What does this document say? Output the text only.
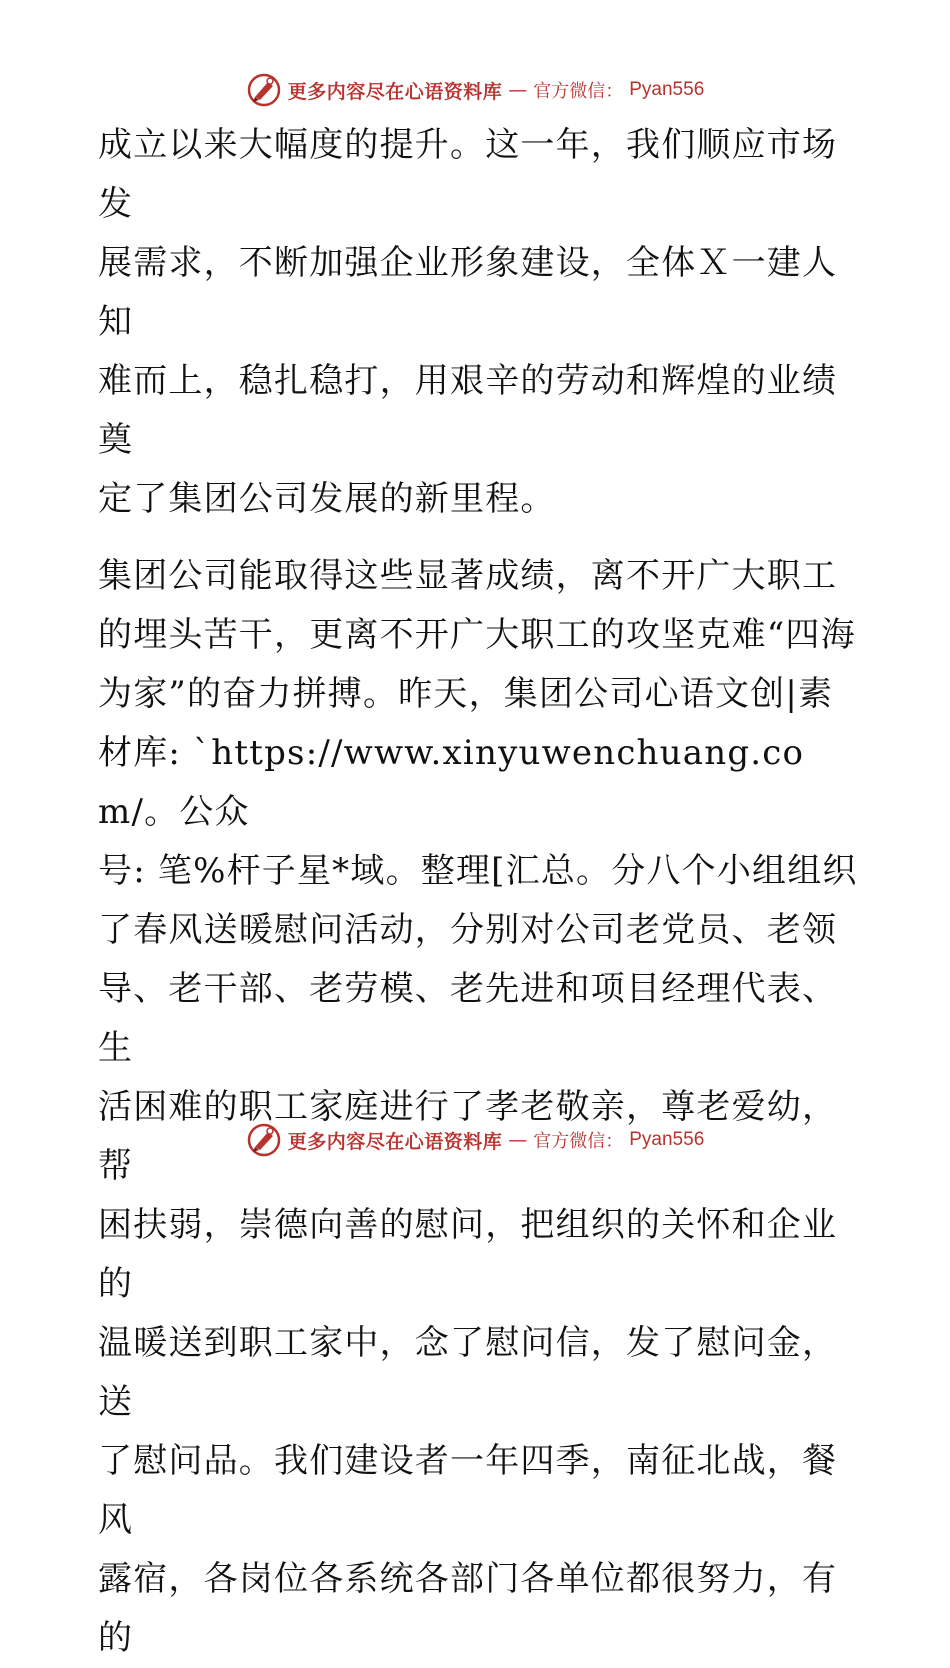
更多内容尽在心语资料库 — 官方微信： Pyan556

成立以来大幅度的提升。这一年，我们顺应市场发
展需求，不断加强企业形象建设，全体Ｘ一建人知
难而上，稳扎稳打，用艰辛的劳动和辉煌的业绩奠
定了集团公司发展的新里程。

集团公司能取得这些显著成绩，离不开广大职工
的埋头苦干，更离不开广大职工的攻坚克难“四海
为家”的奋力拼搏。昨天，集团公司心语文创|素
材库: `https://www.xinyuwenchuang.com/。公众
号: 笔%杆子星*域。整理[汇总。分八个小组组织
了春风送暖慰问活动，分别对公司老党员、老领
导、老干部、老劳模、老先进和项目经理代表、生
活困难的职工家庭进行了孝老敬亲，尊老爱幼，帮
困扶弱，崇德向善的慰问，把组织的关怀和企业的
温暖送到职工家中，念了慰问信，发了慰问金，送
了慰问品。我们建设者一年四季，南征北战，餐风
露宿，各岗位各系统各部门各单位都很努力，有的

更多内容尽在心语资料库 — 官方微信： Pyan556
